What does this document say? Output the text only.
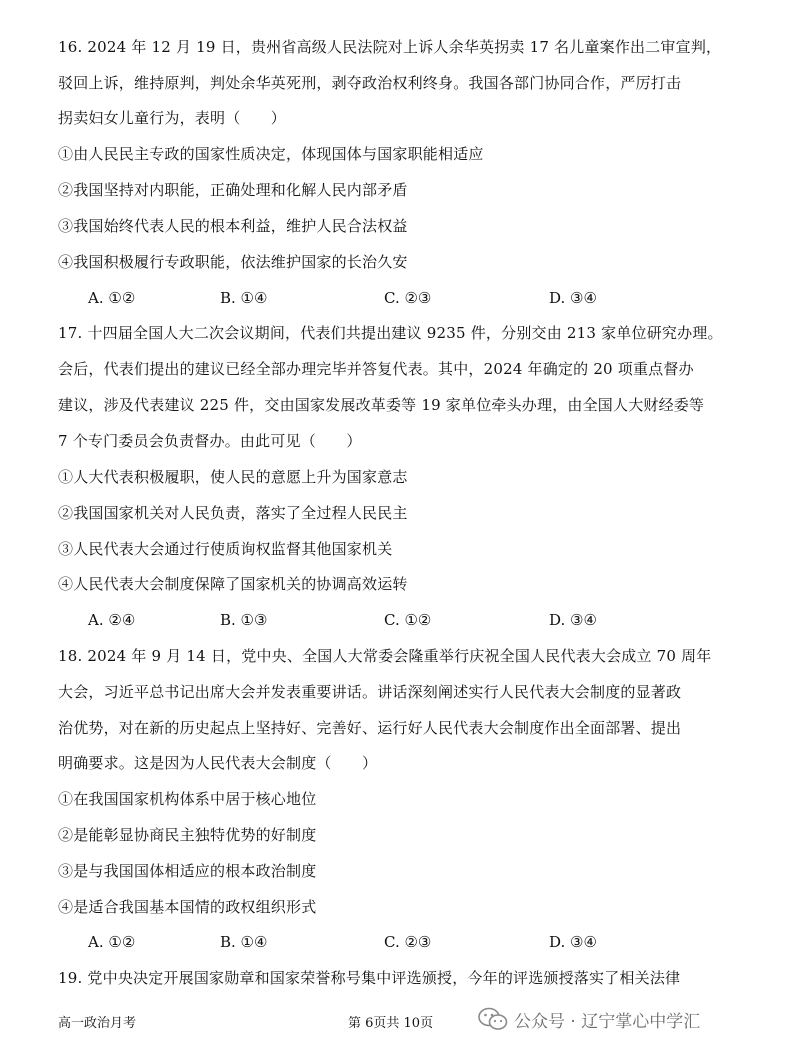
16. 2024 年 12 月 19 日，贵州省高级人民法院对上诉人余华英拐卖 17 名儿童案作出二审宣判，
驳回上诉，维持原判，判处余华英死刑，剥夺政治权利终身。我国各部门协同合作，严厉打击
拐卖妇女儿童行为，表明（　　）
①由人民民主专政的国家性质决定，体现国体与国家职能相适应
②我国坚持对内职能，正确处理和化解人民内部矛盾
③我国始终代表人民的根本利益，维护人民合法权益
④我国积极履行专政职能，依法维护国家的长治久安
A. ①②	B. ①④	C. ②③	D. ③④
17. 十四届全国人大二次会议期间，代表们共提出建议 9235 件，分别交由 213 家单位研究办理。
会后，代表们提出的建议已经全部办理完毕并答复代表。其中，2024 年确定的 20 项重点督办
建议，涉及代表建议 225 件，交由国家发展改革委等 19 家单位牵头办理，由全国人大财经委等
7 个专门委员会负责督办。由此可见（　　）
①人大代表积极履职，使人民的意愿上升为国家意志
②我国国家机关对人民负责，落实了全过程人民民主
③人民代表大会通过行使质询权监督其他国家机关
④人民代表大会制度保障了国家机关的协调高效运转
A. ②④	B. ①③	C. ①②	D. ③④
18. 2024 年 9 月 14 日，党中央、全国人大常委会隆重举行庆祝全国人民代表大会成立 70 周年
大会，习近平总书记出席大会并发表重要讲话。讲话深刻阐述实行人民代表大会制度的显著政
治优势，对在新的历史起点上坚持好、完善好、运行好人民代表大会制度作出全面部署、提出
明确要求。这是因为人民代表大会制度（　　）
①在我国国家机构体系中居于核心地位
②是能彰显协商民主独特优势的好制度
③是与我国国体相适应的根本政治制度
④是适合我国基本国情的政权组织形式
A. ①②	B. ①④	C. ②③	D. ③④
19. 党中央决定开展国家勋章和国家荣誉称号集中评选颁授，今年的评选颁授落实了相关法律
高一政治月考	第 6页共 10页	公众号 · 辽宁掌心中学汇
